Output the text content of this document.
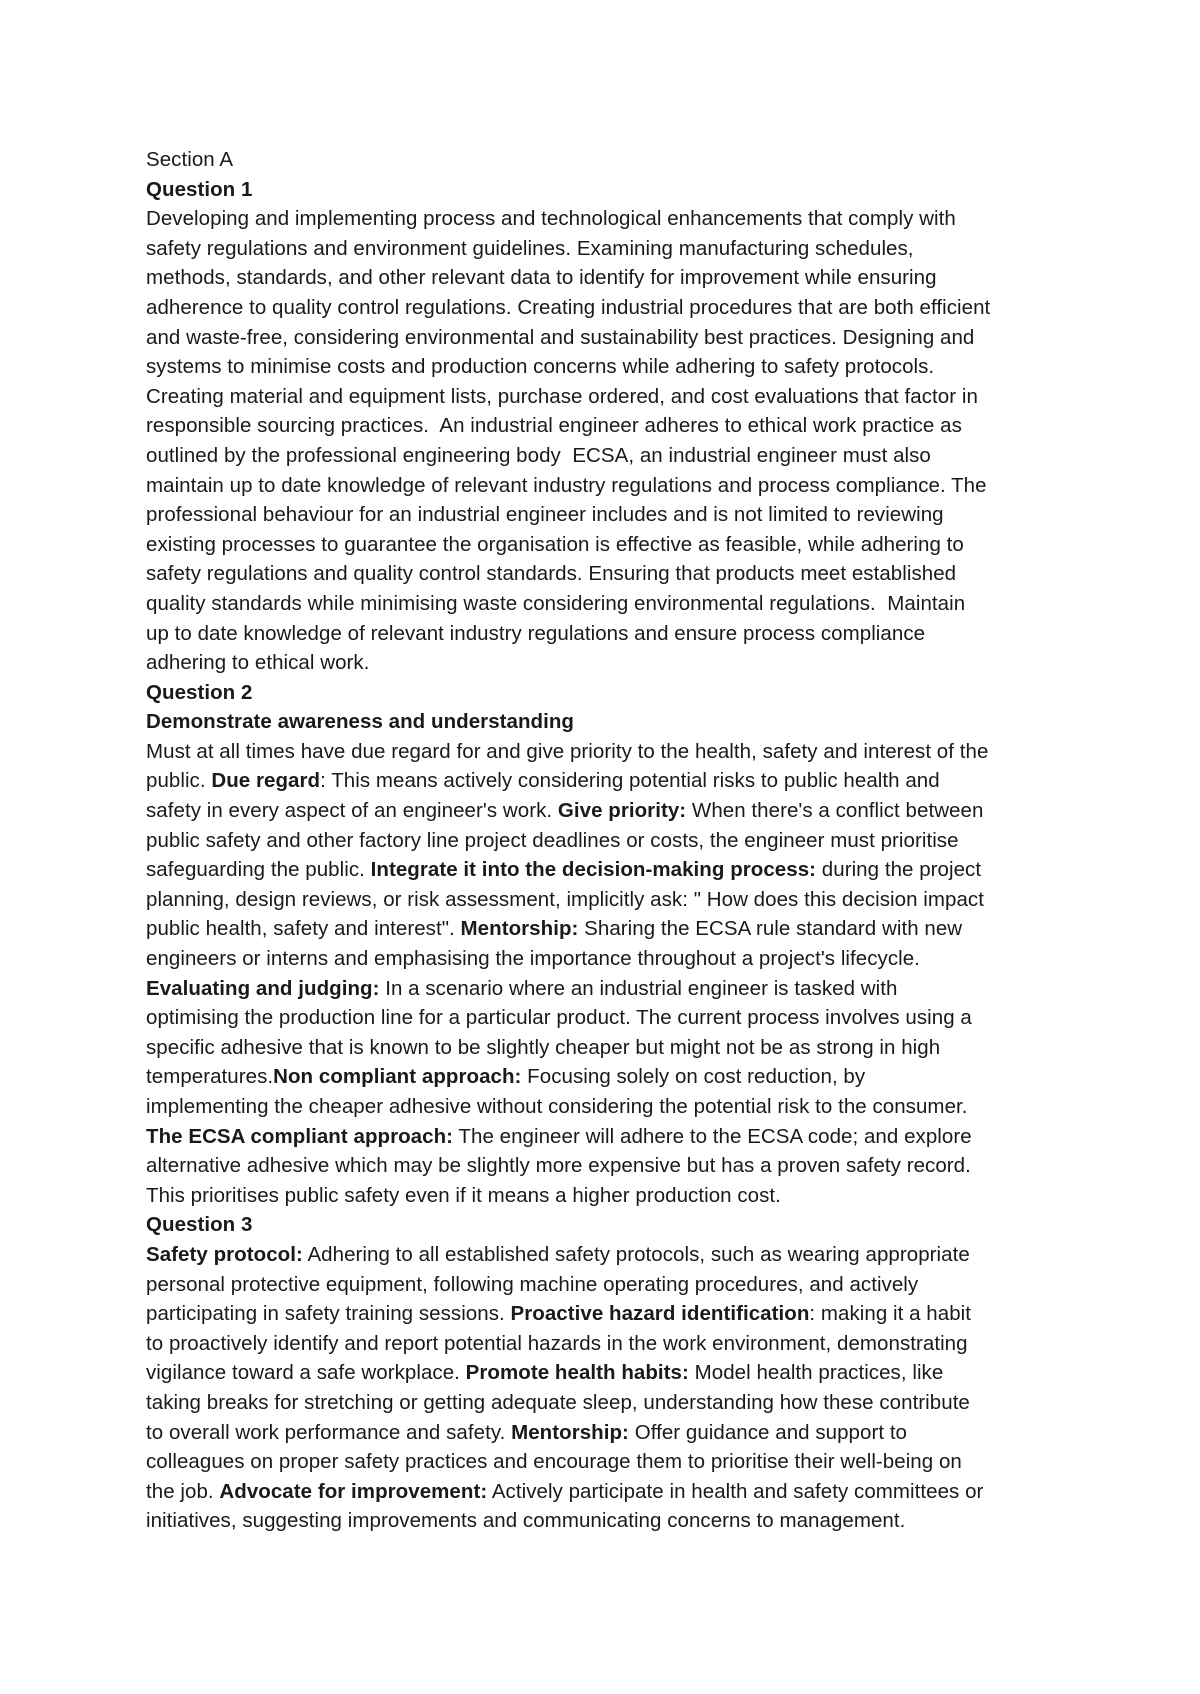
Section A
Question 1
Developing and implementing process and technological enhancements that comply with
safety regulations and environment guidelines. Examining manufacturing schedules,
methods, standards, and other relevant data to identify for improvement while ensuring
adherence to quality control regulations. Creating industrial procedures that are both efficient
and waste-free, considering environmental and sustainability best practices. Designing and
systems to minimise costs and production concerns while adhering to safety protocols.
Creating material and equipment lists, purchase ordered, and cost evaluations that factor in
responsible sourcing practices.  An industrial engineer adheres to ethical work practice as
outlined by the professional engineering body  ECSA, an industrial engineer must also
maintain up to date knowledge of relevant industry regulations and process compliance. The
professional behaviour for an industrial engineer includes and is not limited to reviewing
existing processes to guarantee the organisation is effective as feasible, while adhering to
safety regulations and quality control standards. Ensuring that products meet established
quality standards while minimising waste considering environmental regulations.  Maintain
up to date knowledge of relevant industry regulations and ensure process compliance
adhering to ethical work.
Question 2
Demonstrate awareness and understanding
Must at all times have due regard for and give priority to the health, safety and interest of the
public. Due regard: This means actively considering potential risks to public health and
safety in every aspect of an engineer's work. Give priority: When there's a conflict between
public safety and other factory line project deadlines or costs, the engineer must prioritise
safeguarding the public. Integrate it into the decision-making process: during the project
planning, design reviews, or risk assessment, implicitly ask: " How does this decision impact
public health, safety and interest". Mentorship: Sharing the ECSA rule standard with new
engineers or interns and emphasising the importance throughout a project's lifecycle.
Evaluating and judging: In a scenario where an industrial engineer is tasked with
optimising the production line for a particular product. The current process involves using a
specific adhesive that is known to be slightly cheaper but might not be as strong in high
temperatures.Non compliant approach: Focusing solely on cost reduction, by
implementing the cheaper adhesive without considering the potential risk to the consumer.
The ECSA compliant approach: The engineer will adhere to the ECSA code; and explore
alternative adhesive which may be slightly more expensive but has a proven safety record.
This prioritises public safety even if it means a higher production cost.
Question 3
Safety protocol: Adhering to all established safety protocols, such as wearing appropriate
personal protective equipment, following machine operating procedures, and actively
participating in safety training sessions. Proactive hazard identification: making it a habit
to proactively identify and report potential hazards in the work environment, demonstrating
vigilance toward a safe workplace. Promote health habits: Model health practices, like
taking breaks for stretching or getting adequate sleep, understanding how these contribute
to overall work performance and safety. Mentorship: Offer guidance and support to
colleagues on proper safety practices and encourage them to prioritise their well-being on
the job. Advocate for improvement: Actively participate in health and safety committees or
initiatives, suggesting improvements and communicating concerns to management.
